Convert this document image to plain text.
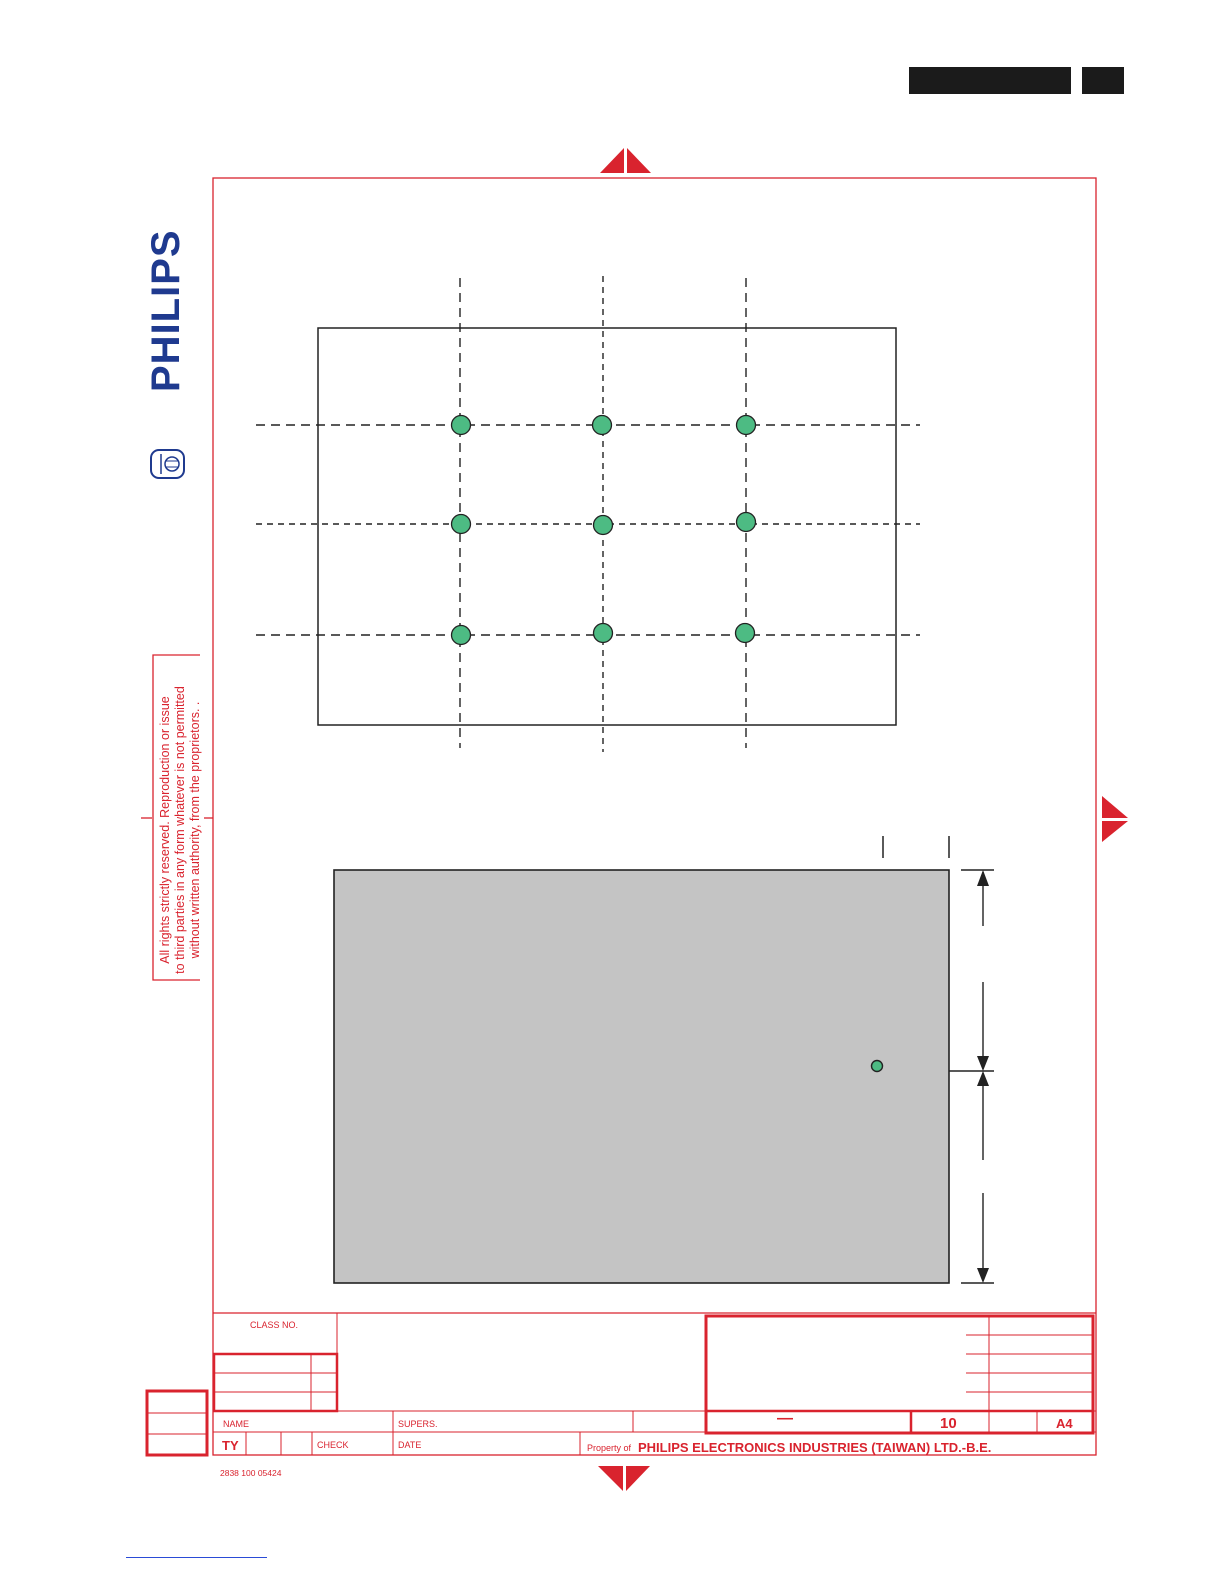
PHILIPS
All rights strictly reserved. Reproduction or issue to third parties in any form whatever is not permitted without written authority, from the proprietors. .
CLASS NO.
NAME	SUPERS.
CHECK	DATE
TY
—	10	A4
Property of PHILIPS ELECTRONICS INDUSTRIES (TAIWAN) LTD.-B.E.
2838 100 05424
